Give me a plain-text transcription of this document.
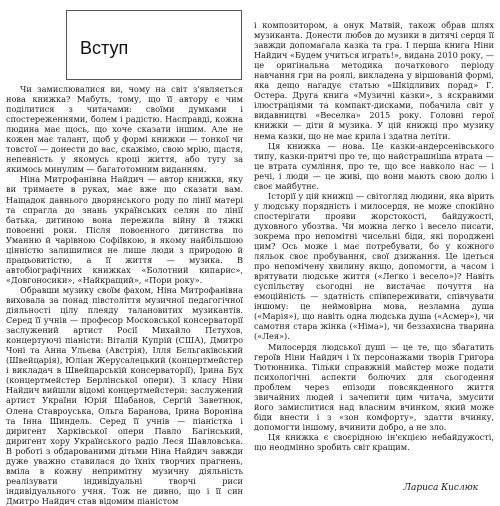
Вступ

Чи замислювалися ви, чому на світ з'являється нова книжка? Мабуть, тому, що її автору є чим поділитися з читачами: своїми думками і спостереженнями, болем і радістю. Насправді, кожна людина має щось, що хоче сказати іншим. Але не кожен має талант, щоб у формі книжки — тонкої чи товстої — донести до вас, скажімо, свою мрію, щастя, непевність у якомусь кроці життя, або тугу за якимось минулим — багатотомним виданням.

Ніна Митрофанівна Найдич — автор книжки, яку ви тримаєте в руках, має вже що сказати вам. Нащадок давнього дворянського роду по лінії матері та спрагла до знань українських селян по лінії батька, дитиною вона пережила війну й тяжкі повоєнні роки. Після повоєнного дитинства по Уманню й чарівною Софіївкою, в якому найбільшою цінністю залишилися не лише люди з природою й працьовитістю, а її життя — музика. В автобіографічних книжках «Болотний кипарис», «Довгоносики», «Найкращий», «Пори року».

Обравши музику своїм фахом, Ніна Митрофанівна виховала за понад півстоліття музичної педагогічної діяльності цілу плеяду талановитих музикантів. Серед її учнів — професор Московської консерваторії заслужений артист Росії Михайло Пєтухов, концертуючі піаністи: Віталій Купрій (США), Дмитро Чоні та Анна Ульєва (Австрія), Ілля Бєльгаківський (Швейцарія), Юліан Жерусалецький (концертмейстер і викладач в Швейцарській консерваторії), Ірина Бух (концертмейстер Берлінської опери). З класу Ніни Найдич вийшли відомі концертмейстери: заслужений артист України Юрій Шабанов, Сергій Заветнюк, Олена Ставроуська, Ольга Баранова, Ірина Вороніна та Інна Шиндель. Серед її учнів — піаністка і диригент Харківської опери Павло Багінський, диригент хору Українського радіо Леся Шавловська. В роботі з обдарованими дітьми Ніна Найдич завжди дуже уважно ставилася до їхніх творчих прагнень, вміла в кожну непримітну музичну діяльність реалізувати індивідуальні творчі риси індивідуального учня. Тож не дивно, що і її син Дмитро Найдич став відомим піаністом

і композитором, а онук Матвій, також обрав шлях музиканта. Донести любов до музики в дитячі серця її завжди допомагала казка та гра. І перша книга Ніни Найдич «Будем учиться играть!», видана 2010 року, — це оригінальна методика початкового періоду навчання гри на роялі, викладена у віршованій формі, яка дещо нагадує статью «Шкідливих порад» Г. Остера. Друга книга «Музичні казки», з яскравими ілюстраціями та компакт-дисками, побачила світ у видавництві «Веселка» 2015 року. Головні герої книжки — діти й музика. У цій книжці про музику нема казки, що не має крила і здатна летіти.

Ця книжка — нова. Це казки-андерсенівського типу, казки-притчі про те, що найстрашніша втрата — це втрата сумління, про те, що все навколо нас — і речі, і люди — це живі, що вони мають свою долю і своє майбутнє.

Історії у цій книжці — світогляд людини, яка вірить у людську порядність і милосердя, не може спокійно спостерігати прояви жорстокості, байдужості, духовного убозтва. Чи можна легко і весело писати, зокрема про непомітні чисельні біди, які породжені цим? Ось може і має потребувати, бо у кожного ляльок своє пробування, свої дзижання. Це ідеться про непомічену хвилину якщо, допомогти, а часом і врятувати людське життя («Легко і весело»)? Навіть суспільству сьогодні не вистачає почуття на емоційність — здатність співпереживати, співчувати іншому: це неймовірна мова, незламна душа («Марія»), що навіть одна людська душа («Асмер»), чи самотня стара жінка («Німа»), чи беззахисна тварина («Лея»).

Милосердя людської душі — це те, що збагатить героїв Ніни Найдич і їх персонажами творів Григора Тютюнника. Тільки справжній майстер може подати психологічні аспекти болючих для сьогодення проблем через епізоди повсякденного життя звичайних людей і зачепити цим читача, змусити його замислитися над власним вчинком, який може біди внести і з «зон комфорту», здатти вчинку, допомогти іншому, вчинити добро, а не зло.

Ця книжка є своєрідною ін'єкцією небайдужості, що неодмінно зробить світ кращим.

Лариса Кислюк
